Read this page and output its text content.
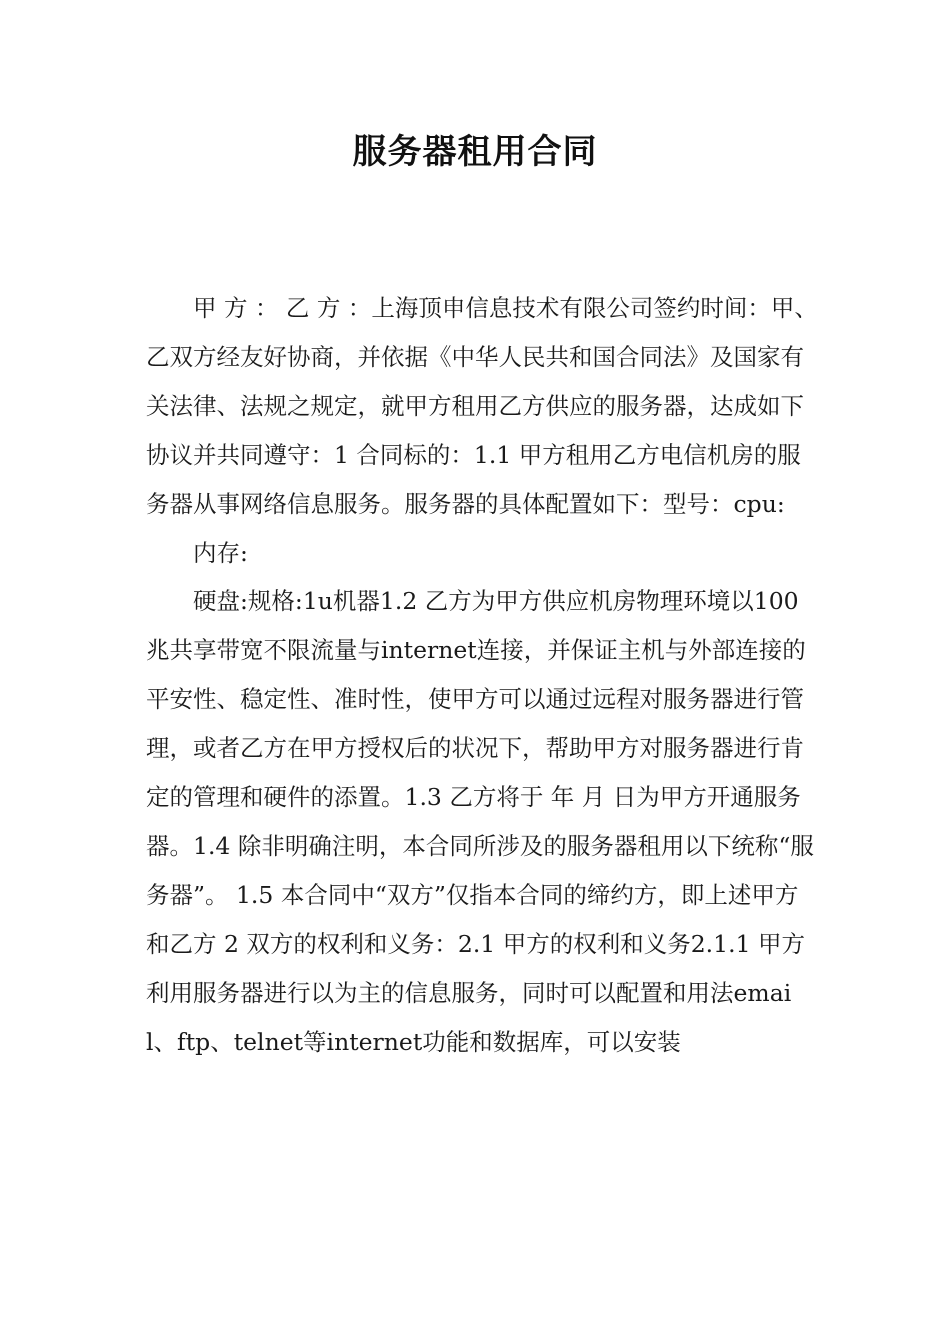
服务器租用合同

甲 方 ： 乙 方 ：上海顶申信息技术有限公司签约时间：甲、乙双方经友好协商，并依据《中华人民共和国合同法》及国家有关法律、法规之规定，就甲方租用乙方供应的服务器，达成如下协议并共同遵守：1 合同标的：1.1 甲方租用乙方电信机房的服务器从事网络信息服务。服务器的具体配置如下：型号：cpu:

内存:

硬盘:规格:1u机器1.2 乙方为甲方供应机房物理环境以100兆共享带宽不限流量与internet连接，并保证主机与外部连接的平安性、稳定性、准时性，使甲方可以通过远程对服务器进行管理，或者乙方在甲方授权后的状况下，帮助甲方对服务器进行肯定的管理和硬件的添置。1.3 乙方将于 年 月 日为甲方开通服务器。1.4 除非明确注明，本合同所涉及的服务器租用以下统称“服务器”。 1.5 本合同中“双方”仅指本合同的缔约方，即上述甲方和乙方 2 双方的权利和义务：2.1 甲方的权利和义务2.1.1 甲方利用服务器进行以为主的信息服务，同时可以配置和用法email、ftp、telnet等internet功能和数据库，可以安装
